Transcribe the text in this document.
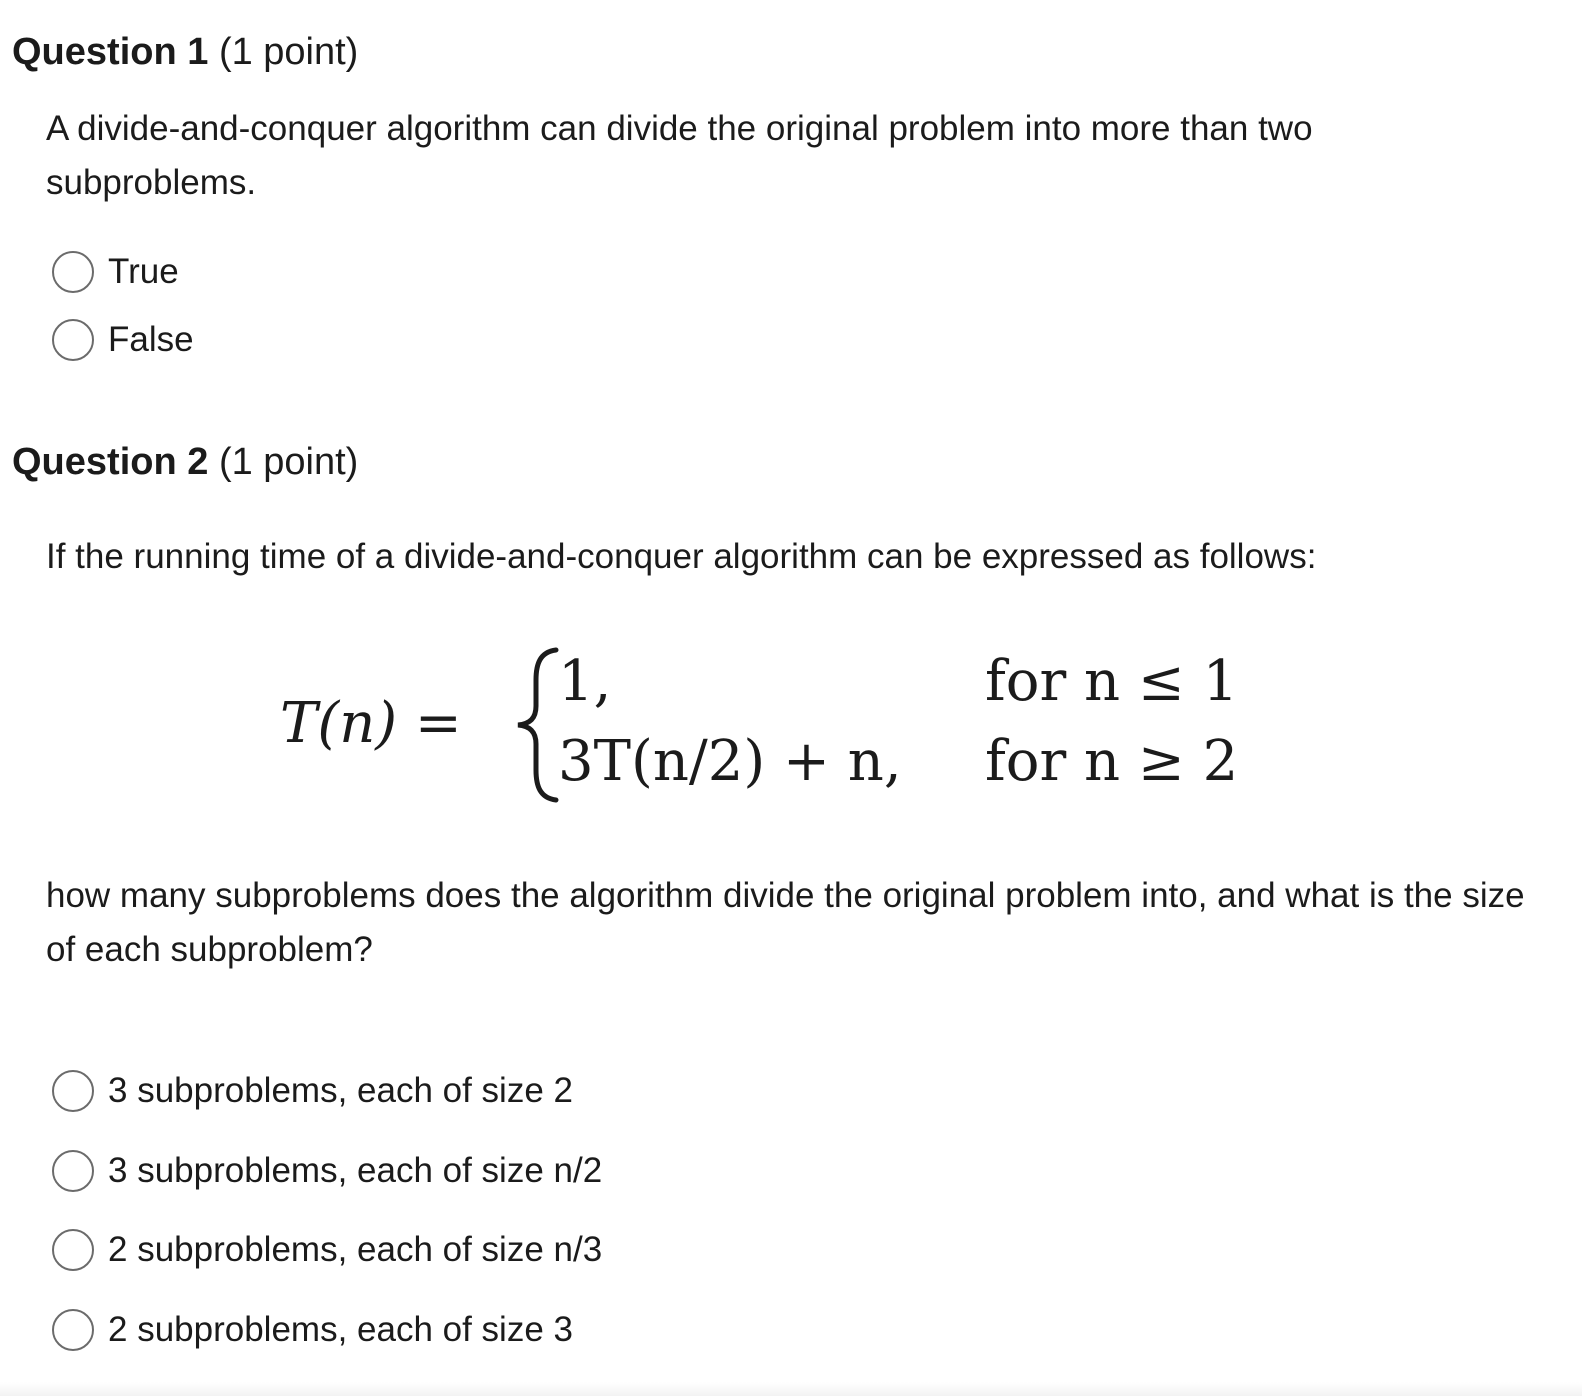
Question 1 (1 point)

A divide-and-conquer algorithm can divide the original problem into more than two subproblems.

True
False
Question 2 (1 point)

If the running time of a divide-and-conquer algorithm can be expressed as follows:

T(n) =
1,	for n ≤ 1
3T(n/2) + n, for n ≥ 2

how many subproblems does the algorithm divide the original problem into, and what is the size of each subproblem?

3 subproblems, each of size 2
3 subproblems, each of size n/2
2 subproblems, each of size n/3
2 subproblems, each of size 3
